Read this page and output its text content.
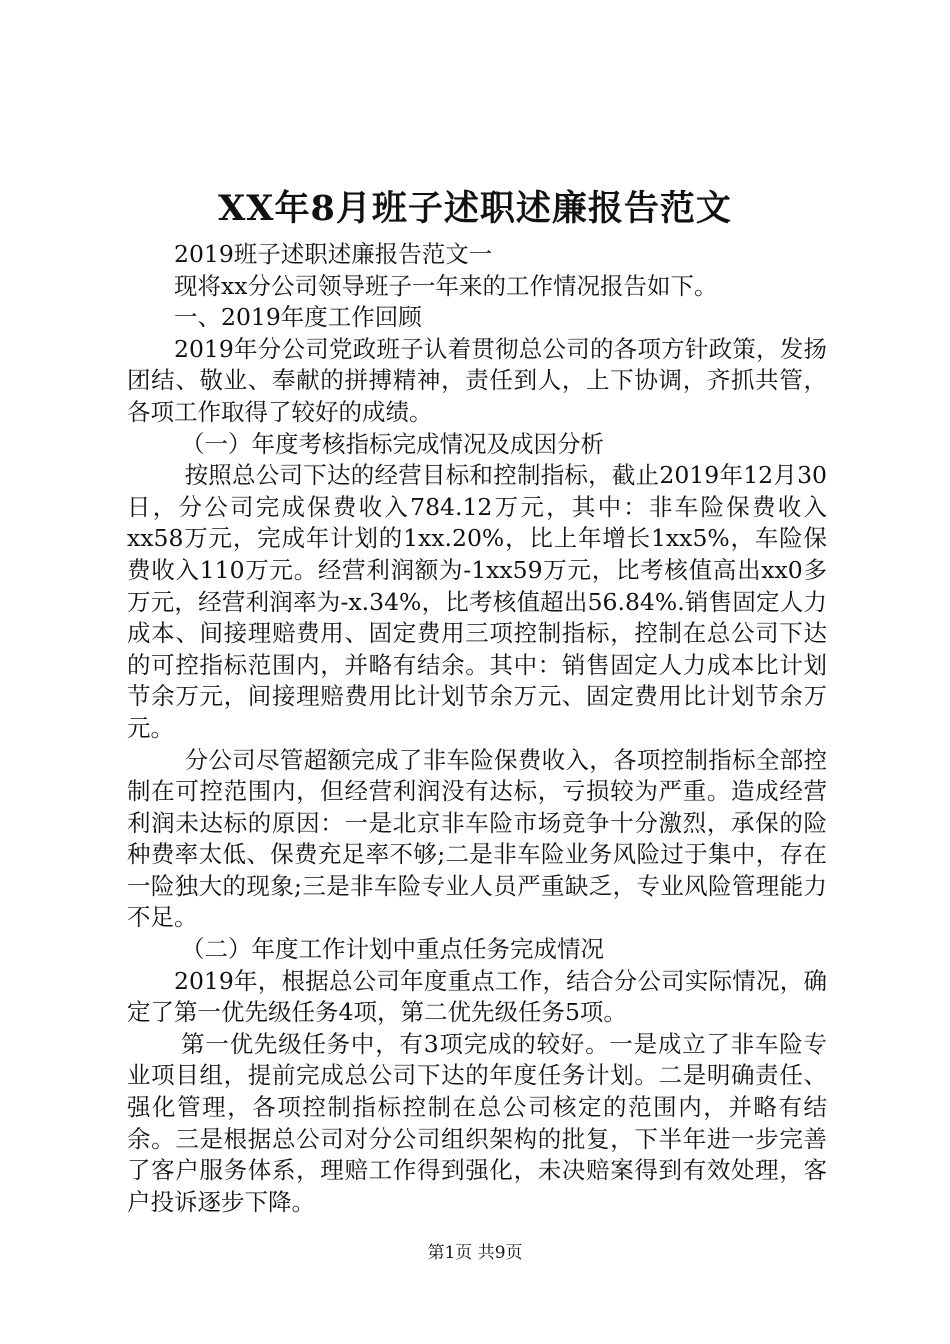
XX年8月班子述职述廉报告范文

2019班子述职述廉报告范文一

现将xx分公司领导班子一年来的工作情况报告如下。

一、2019年度工作回顾

2019年分公司党政班子认着贯彻总公司的各项方针政策，发扬团结、敬业、奉献的拼搏精神，责任到人，上下协调，齐抓共管，各项工作取得了较好的成绩。

（一）年度考核指标完成情况及成因分析

按照总公司下达的经营目标和控制指标，截止2019年12月30日，分公司完成保费收入784.12万元，其中：非车险保费收入xx58万元，完成年计划的1xx.20%，比上年增长1xx5%，车险保费收入110万元。经营利润额为-1xx59万元，比考核值高出xx0多万元，经营利润率为-x.34%，比考核值超出56.84%.销售固定人力成本、间接理赔费用、固定费用三项控制指标，控制在总公司下达的可控指标范围内，并略有结余。其中：销售固定人力成本比计划节余万元，间接理赔费用比计划节余万元、固定费用比计划节余万元。

分公司尽管超额完成了非车险保费收入，各项控制指标全部控制在可控范围内，但经营利润没有达标，亏损较为严重。造成经营利润未达标的原因：一是北京非车险市场竞争十分激烈，承保的险种费率太低、保费充足率不够;二是非车险业务风险过于集中，存在一险独大的现象;三是非车险专业人员严重缺乏，专业风险管理能力不足。

（二）年度工作计划中重点任务完成情况

2019年，根据总公司年度重点工作，结合分公司实际情况，确定了第一优先级任务4项，第二优先级任务5项。

第一优先级任务中，有3项完成的较好。一是成立了非车险专业项目组，提前完成总公司下达的年度任务计划。二是明确责任、强化管理，各项控制指标控制在总公司核定的范围内，并略有结余。三是根据总公司对分公司组织架构的批复，下半年进一步完善了客户服务体系，理赔工作得到强化，未决赔案得到有效处理，客户投诉逐步下降。

第1页 共9页
